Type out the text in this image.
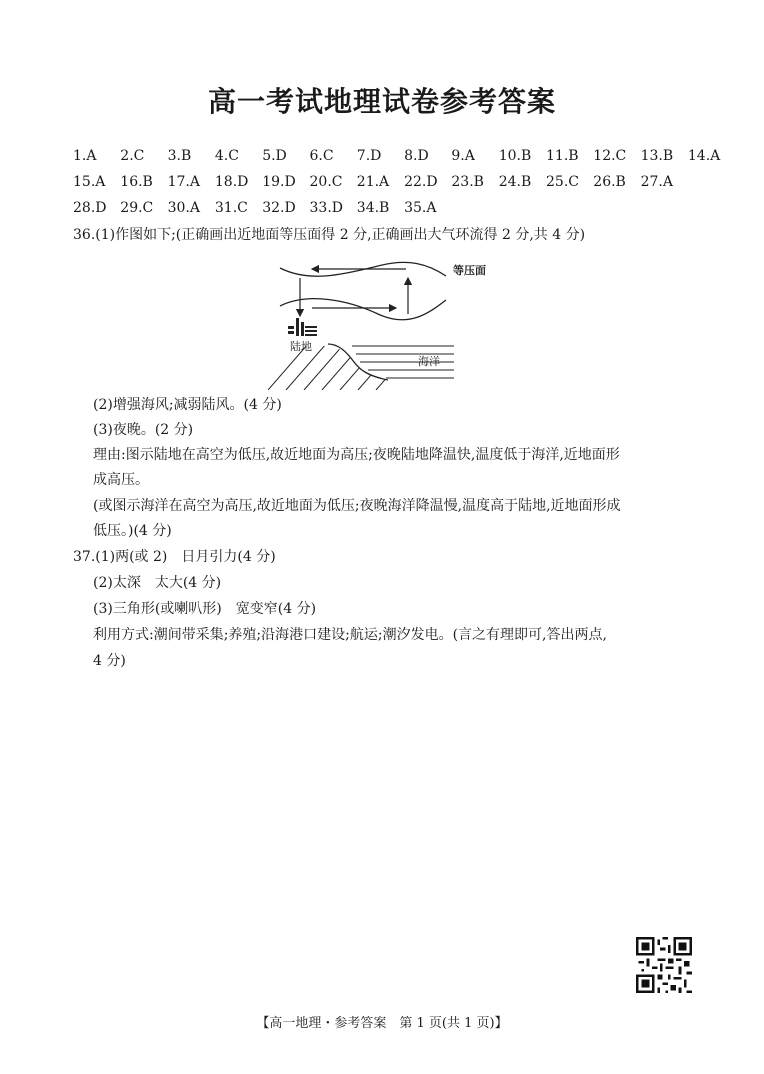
高一考试地理试卷参考答案
1.A 2.C 3.B 4.C 5.D 6.C 7.D 8.D 9.A 10.B 11.B 12.C 13.B 14.A
15.A 16.B 17.A 18.D 19.D 20.C 21.A 22.D 23.B 24.B 25.C 26.B 27.A
28.D 29.C 30.A 31.C 32.D 33.D 34.B 35.A
36.(1)作图如下;(正确画出近地面等压面得 2 分,正确画出大气环流得 2 分,共 4 分)
等压面
陆地
海洋
(2)增强海风;减弱陆风。(4 分)
(3)夜晚。(2 分)
理由:图示陆地在高空为低压,故近地面为高压;夜晚陆地降温快,温度低于海洋,近地面形
成高压。
(或图示海洋在高空为高压,故近地面为低压;夜晚海洋降温慢,温度高于陆地,近地面形成
低压。)(4 分)
37.(1)两(或 2)　日月引力(4 分)
(2)太深　太大(4 分)
(3)三角形(或喇叭形)　宽变窄(4 分)
利用方式:潮间带采集;养殖;沿海港口建设;航运;潮汐发电。(言之有理即可,答出两点,
4 分)
【高一地理・参考答案　第 1 页(共 1 页)】
